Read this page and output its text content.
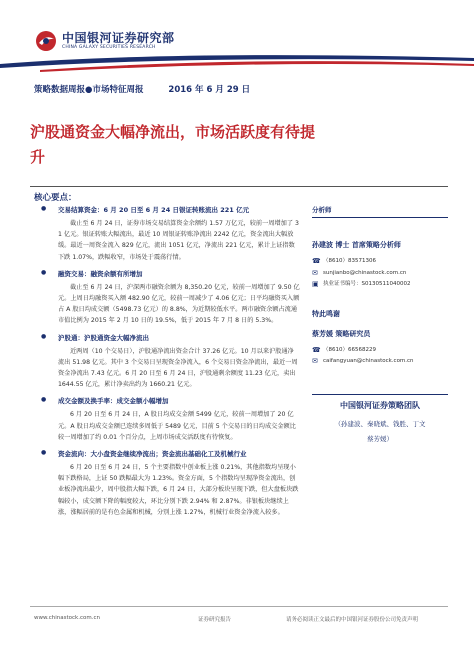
中国银河证券研究部
CHINA GALAXY SECURITIES RESEARCH
策略数据周报●市场特征周报	2016 年 6 月 29 日
沪股通资金大幅净流出，市场活跃度有待提升
核心要点：
● 交易结算资金：6 月 20 日至 6 月 24 日银证转账流出 221 亿元

截止至 6 月 24 日，证券市场交易结算资金余额约 1.57 万亿元，较前一周增加了 31 亿元。银证转账大幅流出，最近 10 周银证转账净流出 2242 亿元，资金流出大幅放缓。最近一周资金流入 829 亿元，流出 1051 亿元，净流出 221 亿元，累计上证指数下跌 1.07%，跌幅收窄，市场处于震荡行情。

● 融资交易：融资余额有所增加

截止至 6 月 24 日，沪深两市融资余额为 8,350.20 亿元，较前一周增加了 9.50 亿元。上周日均融资买入额 482.90 亿元，较前一周减少了 4.06 亿元；日平均融资买入额占 A 股日均成交额（5498.73 亿元）的 8.8%，为近期较低水平。两市融资余额占流通市值比例为 2015 年 2 月 10 日的 19.5%，低于 2015 年 7 月 8 日的 5.3%。

● 沪股通：沪股通资金大幅净流出

近两周（10 个交易日），沪股通净流出资金合计 37.26 亿元。10 月以来沪股通净流出 51.98 亿元。其中 3 个交易日呈现资金净流入，6 个交易日资金净流出，最近一周资金净流出 7.43 亿元。6 月 20 日至 6 月 24 日，沪股通剩余额度 11.23 亿元，卖出 1644.55 亿元，累计净卖出约为 1660.21 亿元。

● 成交金额及换手率：成交金额小幅增加

6 月 20 日至 6 月 24 日，A 股日均成交金额 5499 亿元，较前一周增加了 20 亿元。A 股日均成交金额已连续多周低于 5489 亿元，目前 5 个交易日的日均成交金额比较一周增加了约 0.01 个百分点，上周市场成交活跃度有待恢复。

● 资金流向：大小盘资金继续净流出；资金流出基础化工及机械行业

6 月 20 日至 6 月 24 日，5 个主要指数中创业板上涨 0.21%，其他指数均呈现小幅下跌格局，上证 50 跌幅最大为 1.23%。资金方面，5 个指数均呈现净资金流出，创业板净流出最少，周中股指大幅下跌，6 月 24 日，大部分板块呈现下跌，但大盘板块跌幅较小，成交额下降的幅度较大，环比分别下跌 2.94% 和 2.87%。非银板块继续上涨，涨幅居前的是有色金属和机械，分别上涨 1.27%，机械行业资金净流入较多。

分析师
孙建波 博士 首席策略分析师
☎ （8610）83571306
✉ sunjianbo@chinastock.com.cn
▣ 执业证书编号：S0130511040002
特此鸣谢
蔡芳媛 策略研究员
☎ （8610）66568229
✉ caifangyuan@chinastock.com.cn
中国银河证券策略团队
（孙建波、秦晓斌、钱胜、丁文
蔡芳媛）
www.chinastock.com.cn	证券研究报告	请务必阅读正文最后的中国银河证券股份公司免责声明
